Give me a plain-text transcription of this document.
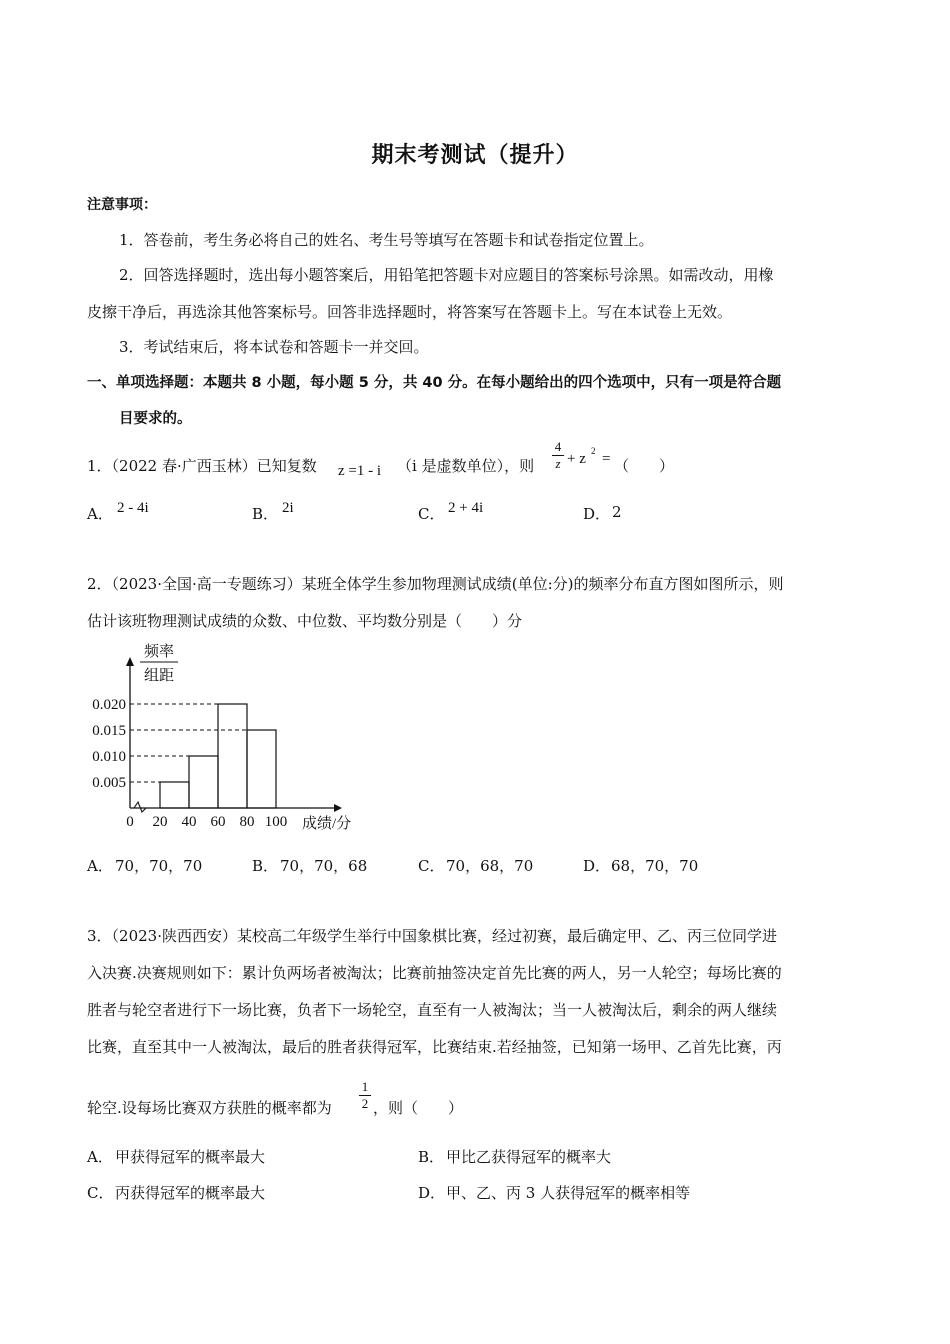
期末考测试（提升）
注意事项：
1．答卷前，考生务必将自己的姓名、考生号等填写在答题卡和试卷指定位置上。
2．回答选择题时，选出每小题答案后，用铅笔把答题卡对应题目的答案标号涂黑。如需改动，用橡
皮擦干净后，再选涂其他答案标号。回答非选择题时，将答案写在答题卡上。写在本试卷上无效。
3．考试结束后，将本试卷和答题卡一并交回。
一、单项选择题：本题共 8 小题，每小题 5 分，共 40 分。在每小题给出的四个选项中，只有一项是符合题
目要求的。
1．（2022 春·广西玉林）已知复数 z =1 - i （i 是虚数单位），则
4
z + z 2 = （　　）
A． 2 - 4i	B． 2i	C． 2 + 4i	D． 2
2．（2023·全国·高一专题练习）某班全体学生参加物理测试成绩(单位:分)的频率分布直方图如图所示，则
估计该班物理测试成绩的众数、中位数、平均数分别是（　　）分
0.005
0.010
0.015
0.020
0 20 40 60 80 100 成绩/分
频率
组距
A． 70，70，70	B． 70，70，68	C． 70，68，70	D． 68，70，70
3．（2023·陕西西安）某校高二年级学生举行中国象棋比赛，经过初赛，最后确定甲、乙、丙三位同学进
入决赛.决赛规则如下：累计负两场者被淘汰；比赛前抽签决定首先比赛的两人，另一人轮空；每场比赛的
胜者与轮空者进行下一场比赛，负者下一场轮空，直至有一人被淘汰；当一人被淘汰后，剩余的两人继续
比赛，直至其中一人被淘汰，最后的胜者获得冠军，比赛结束.若经抽签，已知第一场甲、乙首先比赛，丙
轮空.设每场比赛双方获胜的概率都为
1
2 ，则（　　）
A． 甲获得冠军的概率最大	B． 甲比乙获得冠军的概率大
C． 丙获得冠军的概率最大	D． 甲、乙、丙 3 人获得冠军的概率相等
